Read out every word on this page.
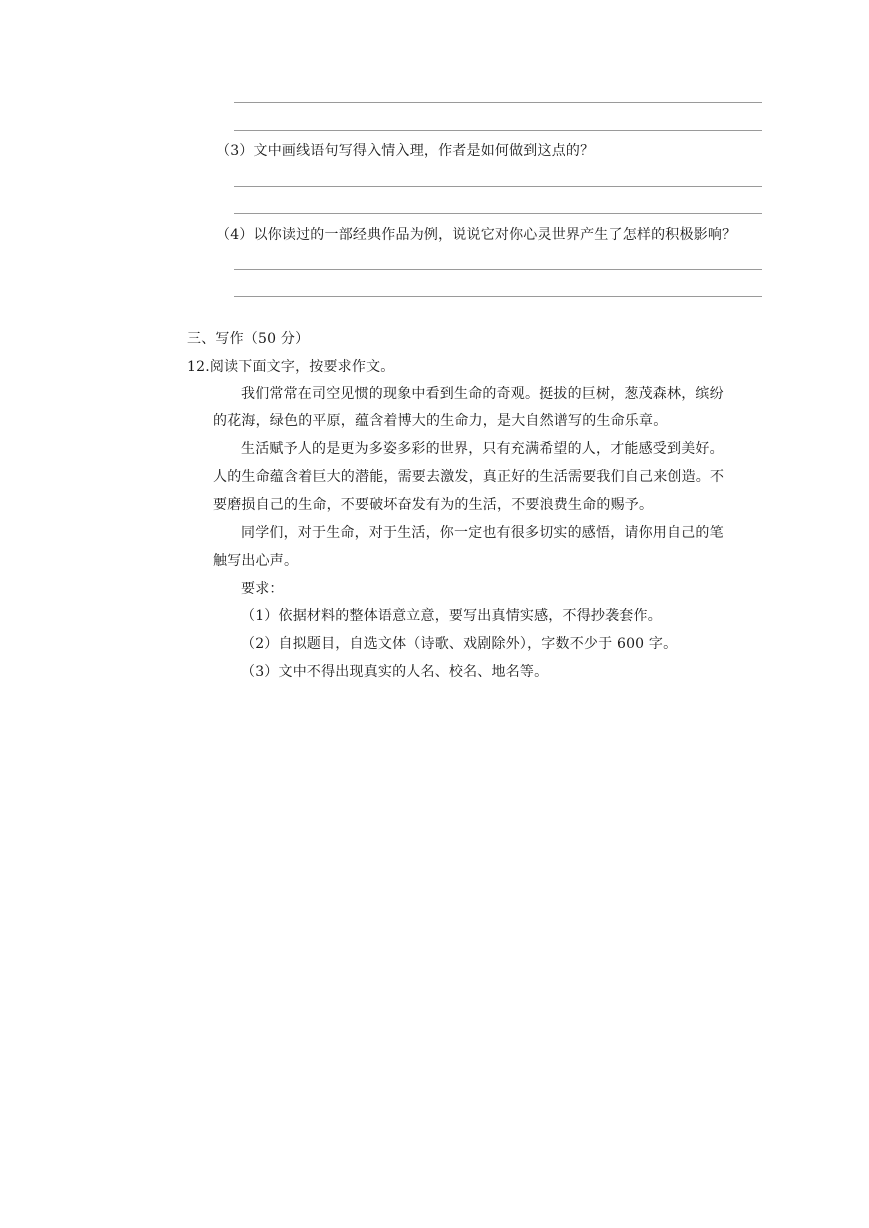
（3）文中画线语句写得入情入理，作者是如何做到这点的？
（4）以你读过的一部经典作品为例，说说它对你心灵世界产生了怎样的积极影响？
三、写作（50 分）
12.阅读下面文字，按要求作文。
我们常常在司空见惯的现象中看到生命的奇观。挺拔的巨树，葱茂森林，缤纷
的花海，绿色的平原，蕴含着博大的生命力，是大自然谱写的生命乐章。
生活赋予人的是更为多姿多彩的世界，只有充满希望的人，才能感受到美好。
人的生命蕴含着巨大的潜能，需要去激发，真正好的生活需要我们自己来创造。不
要磨损自己的生命，不要破坏奋发有为的生活，不要浪费生命的赐予。
同学们，对于生命，对于生活，你一定也有很多切实的感悟，请你用自己的笔
触写出心声。
要求：
（1）依据材料的整体语意立意，要写出真情实感，不得抄袭套作。
（2）自拟题目，自选文体（诗歌、戏剧除外），字数不少于 600 字。
（3）文中不得出现真实的人名、校名、地名等。
